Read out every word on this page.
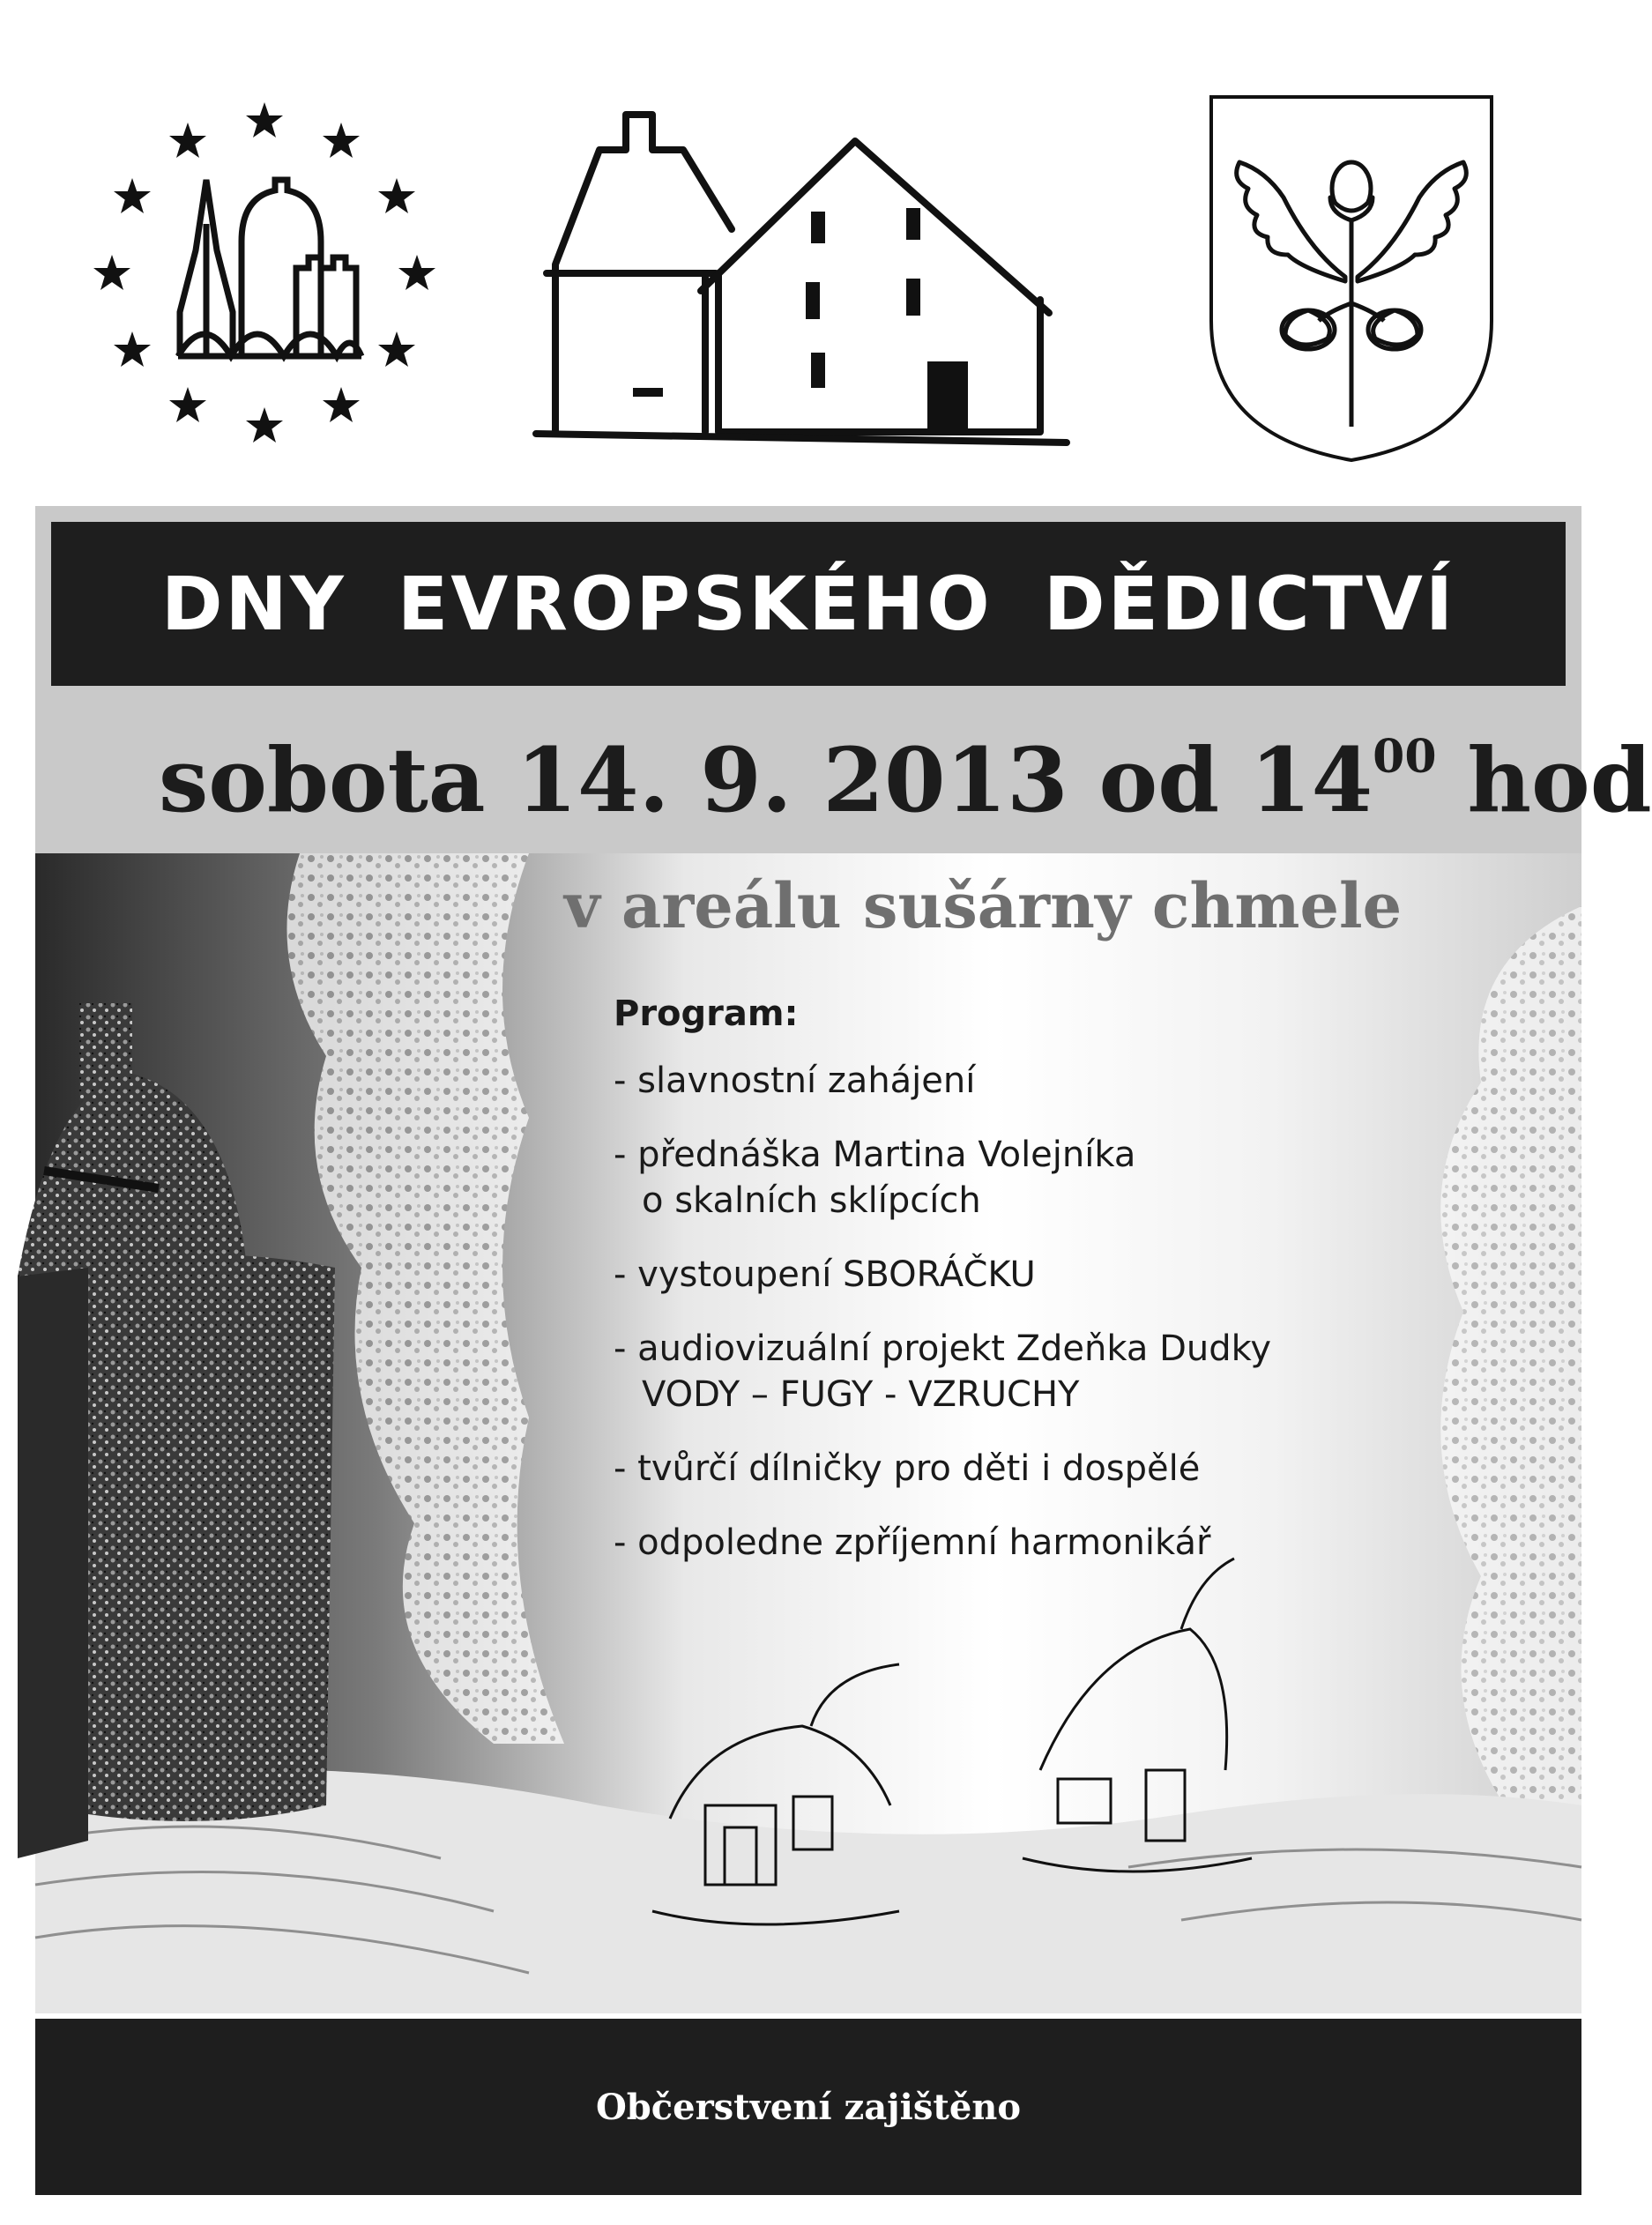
DNY EVROPSKÉHO DĚDICTVÍ
sobota 14. 9. 2013 od $14^{00}$ hod
v areálu sušárny chmele
Program:
- slavnostní zahájení
- přednáška Martina Volejníka
o skalních sklípcích
- vystoupení SBORÁČKU
- audiovizuální projekt Zdeňka Dudky
VODY – FUGY - VZRUCHY
- tvůrčí dílničky pro děti i dospělé
- odpoledne zpříjemní harmonikář
Občerstvení zajištěno
